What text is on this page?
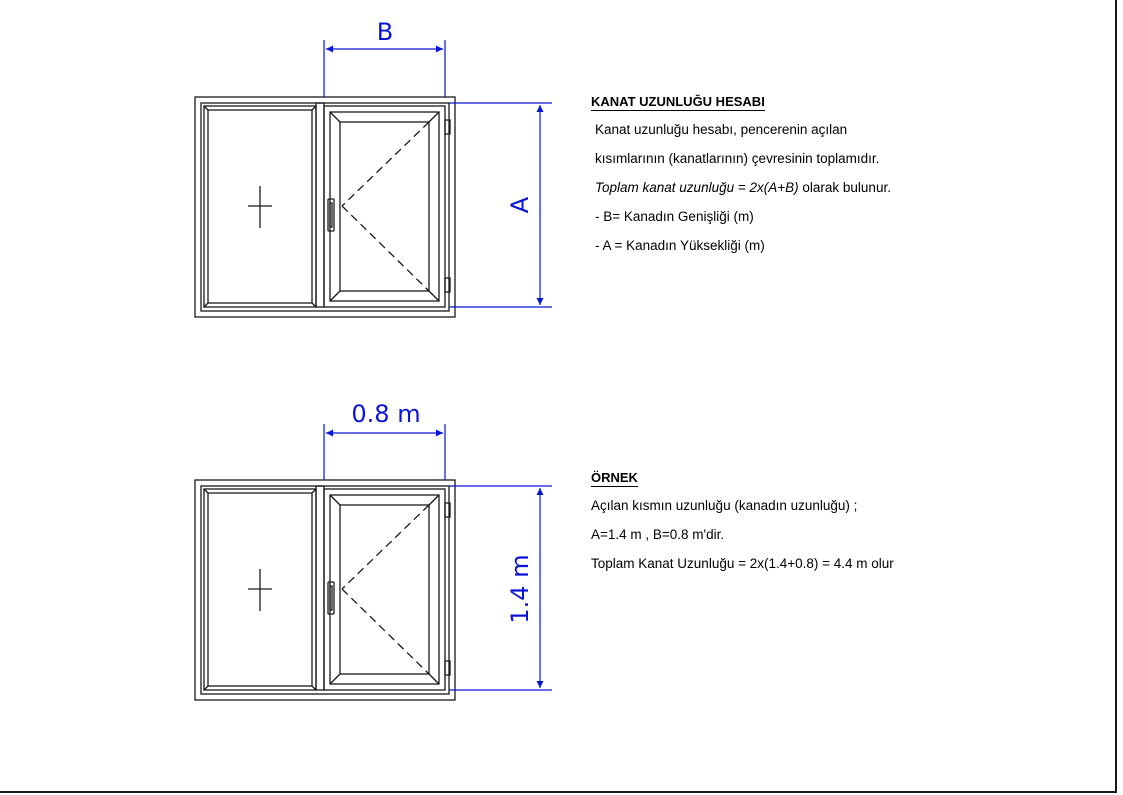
B
A
0.8 m
1.4 m
KANAT UZUNLUĞU HESABI
Kanat uzunluğu hesabı, pencerenin açılan
kısımlarının (kanatlarının) çevresinin toplamıdır.
Toplam kanat uzunluğu = 2x(A+B) olarak bulunur.
- B= Kanadın Genişliği (m)
- A = Kanadın Yüksekliği (m)
ÖRNEK
Açılan kısmın uzunluğu (kanadın uzunluğu) ;
A=1.4 m , B=0.8 m'dir.
Toplam Kanat Uzunluğu = 2x(1.4+0.8) = 4.4 m olur
